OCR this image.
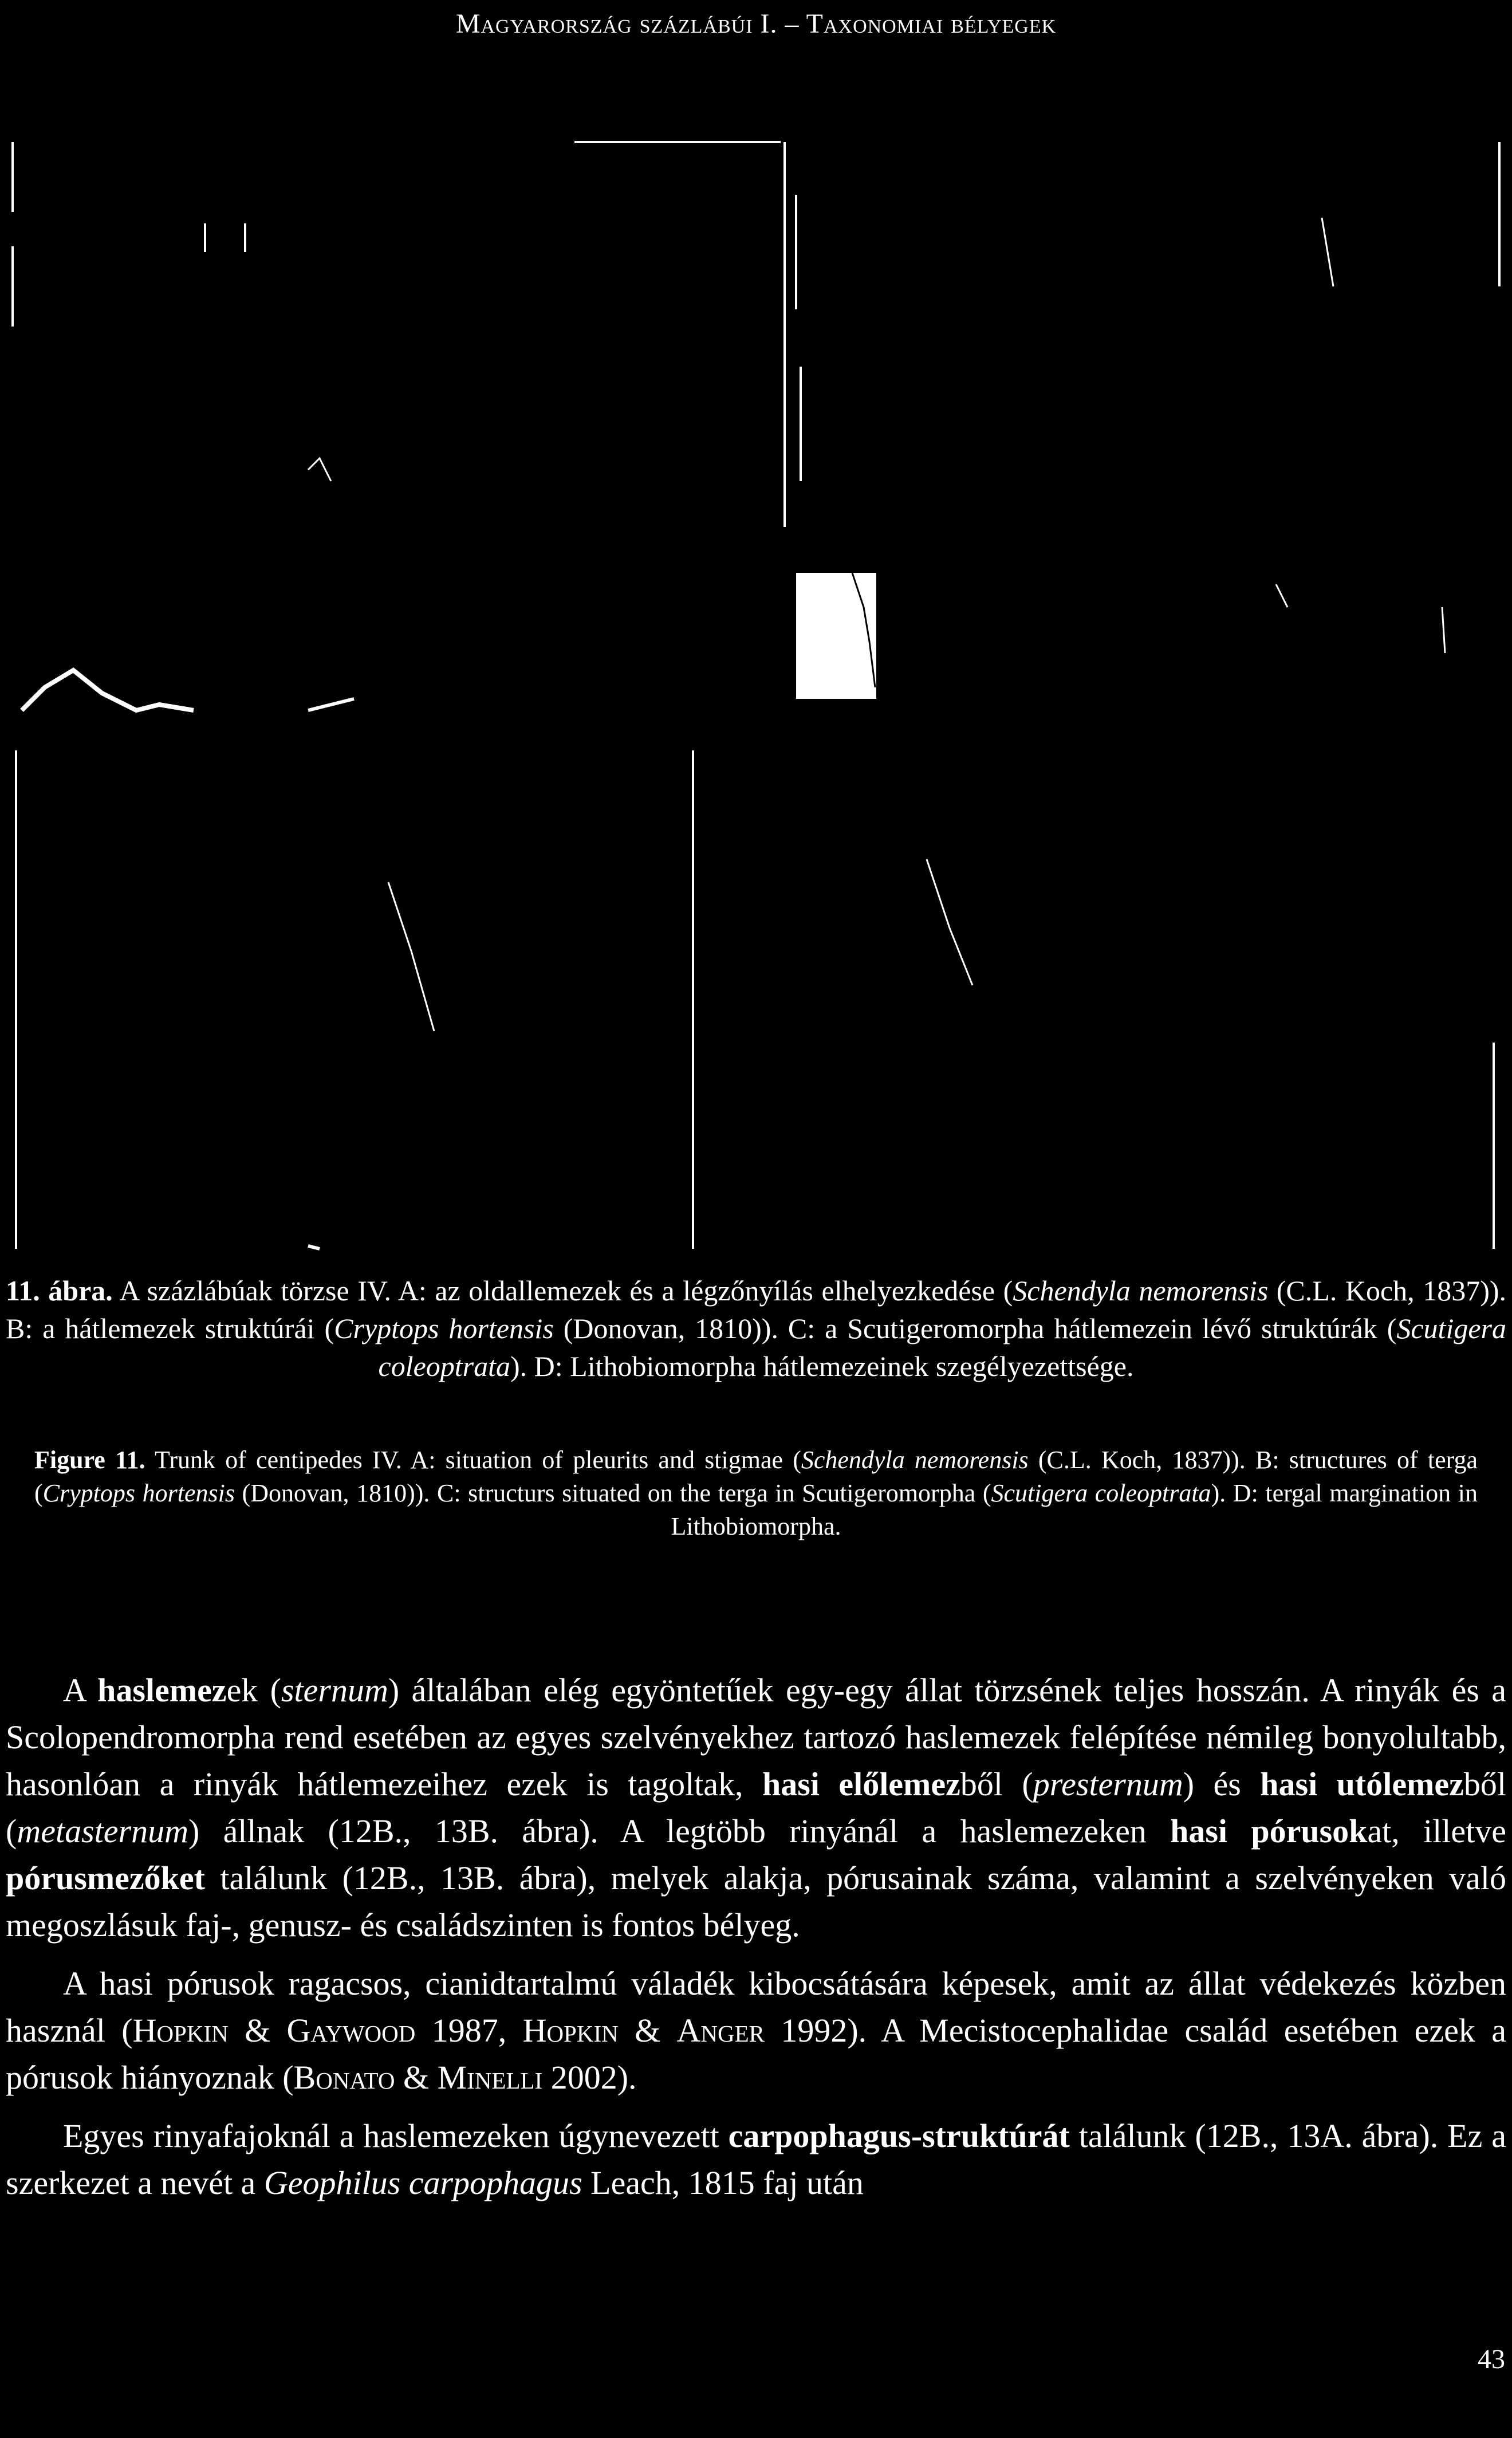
Magyarország százlábúi I. – Taxonomiai bélyegek
11. ábra. A százlábúak törzse IV. A: az oldallemezek és a légzőnyílás elhelyezkedése (Schendyla nemorensis (C.L. Koch, 1837)). B: a hátlemezek struktúrái (Cryptops hortensis (Donovan, 1810)). C: a Scutigeromorpha hátlemezein lévő struktúrák (Scutigera coleoptrata). D: Lithobiomorpha hátlemezeinek szegélyezettsége.
Figure 11. Trunk of centipedes IV. A: situation of pleurits and stigmae (Schendyla nemorensis (C.L. Koch, 1837)). B: structures of terga (Cryptops hortensis (Donovan, 1810)). C: structurs situated on the terga in Scutigeromorpha (Scutigera coleoptrata). D: tergal margination in Lithobiomorpha.

A haslemezek (sternum) általában elég egyöntetűek egy-egy állat törzsének teljes hosszán. A rinyák és a Scolopendromorpha rend esetében az egyes szelvényekhez tartozó haslemezek felépítése némileg bonyolultabb, hasonlóan a rinyák hátlemezeihez ezek is tagoltak, hasi előlemezből (presternum) és hasi utólemezből (metasternum) állnak (12B., 13B. ábra). A legtöbb rinyánál a haslemezeken hasi pórusokat, illetve pórusmezőket találunk (12B., 13B. ábra), melyek alakja, pórusainak száma, valamint a szelvényeken való megoszlásuk faj-, genusz- és családszinten is fontos bélyeg.

A hasi pórusok ragacsos, cianidtartalmú váladék kibocsátására képesek, amit az állat védekezés közben használ (Hopkin & Gaywood 1987, Hopkin & Anger 1992). A Mecistocephalidae család esetében ezek a pórusok hiányoznak (Bonato & Minelli 2002).

Egyes rinyafajoknál a haslemezeken úgynevezett carpophagus-struktúrát találunk (12B., 13A. ábra). Ez a szerkezet a nevét a Geophilus carpophagus Leach, 1815 faj után

43
